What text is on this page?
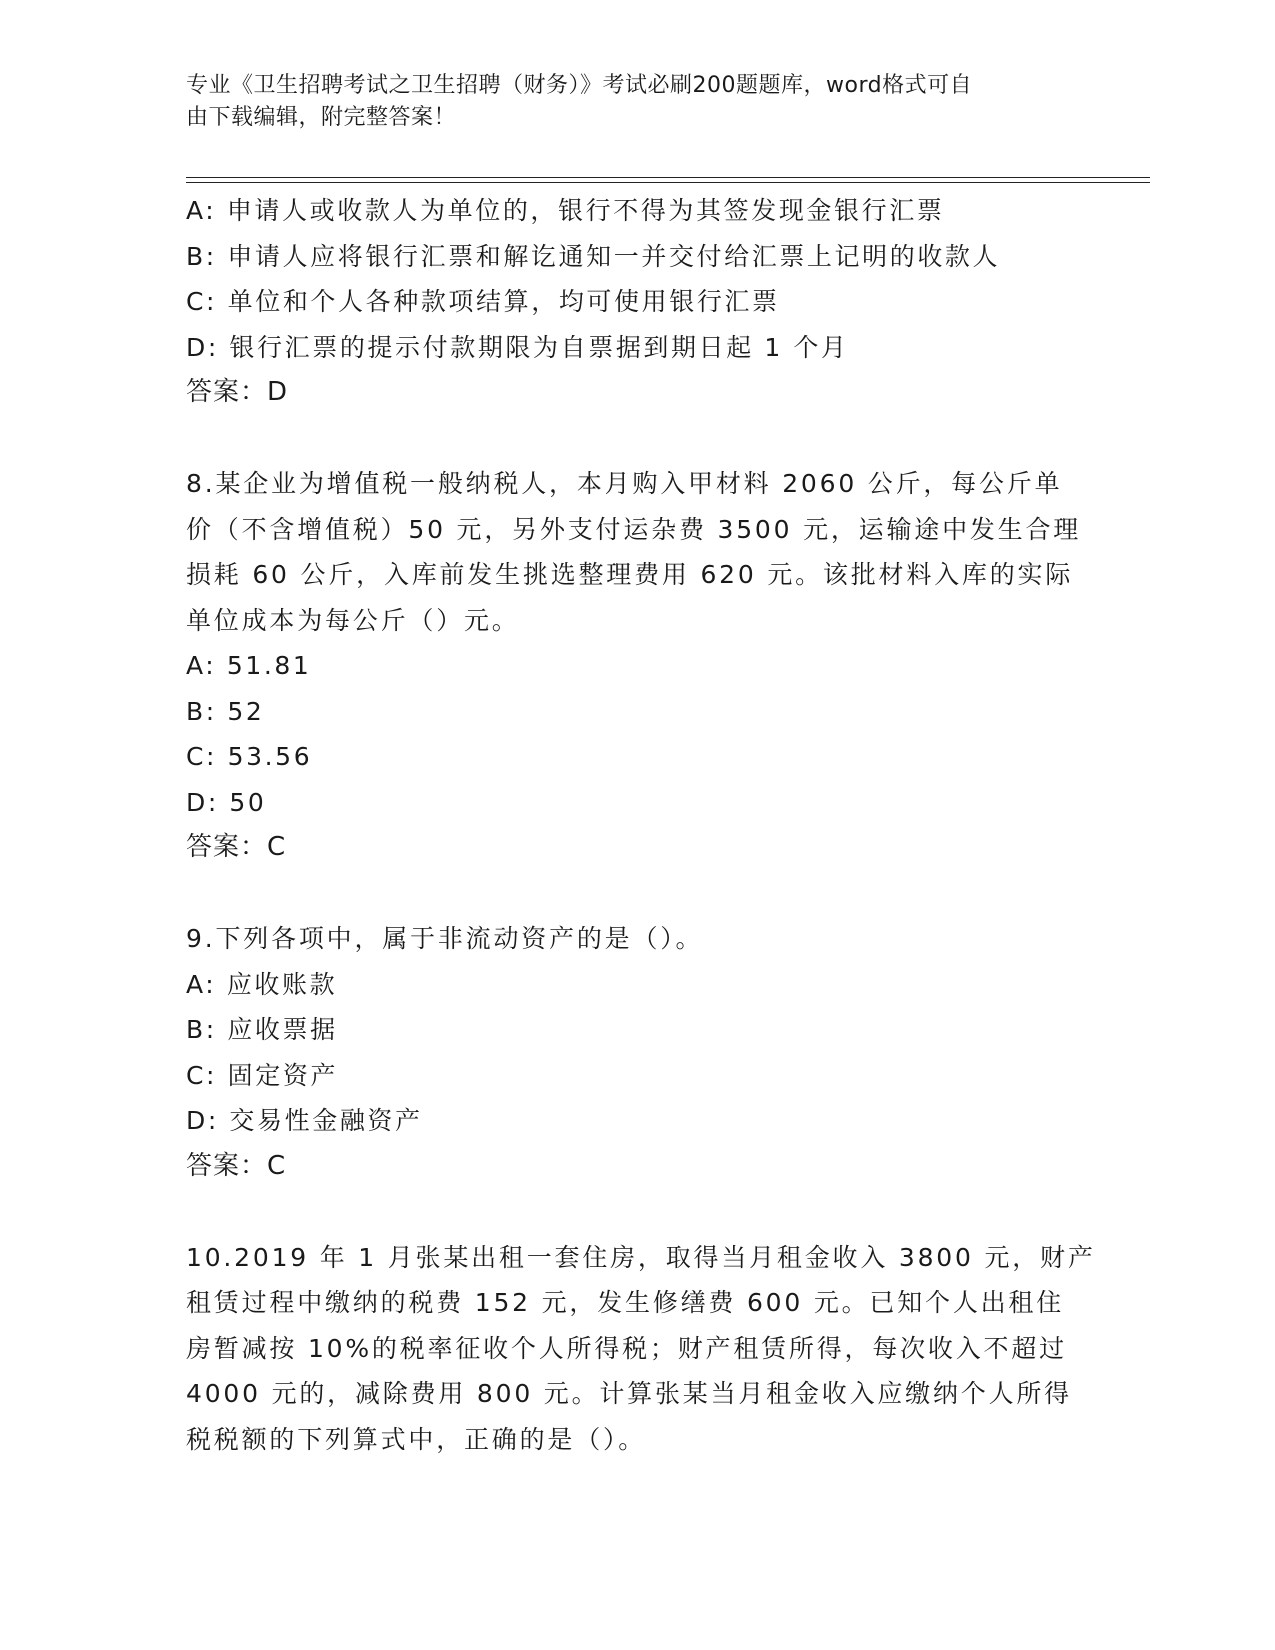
专业《卫生招聘考试之卫生招聘（财务）》考试必刷200题题库，word格式可自
由下载编辑，附完整答案！
A: 申请人或收款人为单位的，银行不得为其签发现金银行汇票
B: 申请人应将银行汇票和解讫通知一并交付给汇票上记明的收款人
C: 单位和个人各种款项结算，均可使用银行汇票
D: 银行汇票的提示付款期限为自票据到期日起 1 个月
答案：D
8.某企业为增值税一般纳税人，本月购入甲材料 2060 公斤，每公斤单
价（不含增值税）50 元，另外支付运杂费 3500 元，运输途中发生合理
损耗 60 公斤，入库前发生挑选整理费用 620 元。该批材料入库的实际
单位成本为每公斤（）元。
A: 51.81
B: 52
C: 53.56
D: 50
答案：C
9.下列各项中，属于非流动资产的是（）。
A: 应收账款
B: 应收票据
C: 固定资产
D: 交易性金融资产
答案：C
10.2019 年 1 月张某出租一套住房，取得当月租金收入 3800 元，财产
租赁过程中缴纳的税费 152 元，发生修缮费 600 元。已知个人出租住
房暂减按 10%的税率征收个人所得税；财产租赁所得，每次收入不超过
4000 元的，减除费用 800 元。计算张某当月租金收入应缴纳个人所得
税税额的下列算式中，正确的是（）。
